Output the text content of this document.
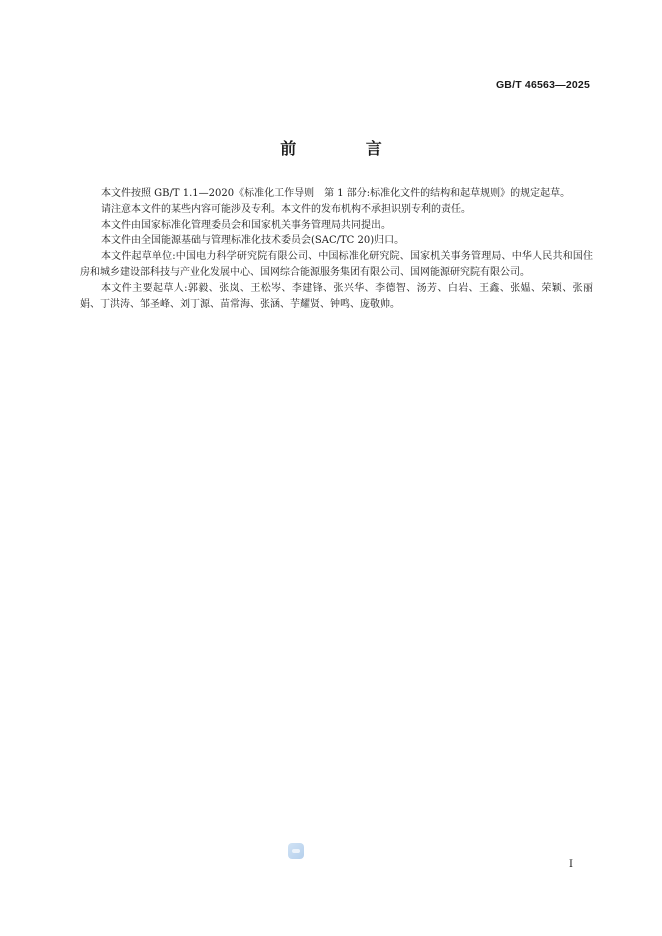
GB/T 46563—2025
前 言

本文件按照 GB/T 1.1—2020《标准化工作导则　第 1 部分:标准化文件的结构和起草规则》的规定起草。

请注意本文件的某些内容可能涉及专利。本文件的发布机构不承担识别专利的责任。

本文件由国家标准化管理委员会和国家机关事务管理局共同提出。

本文件由全国能源基础与管理标准化技术委员会(SAC/TC 20)归口。

本文件起草单位:中国电力科学研究院有限公司、中国标准化研究院、国家机关事务管理局、中华人民共和国住房和城乡建设部科技与产业化发展中心、国网综合能源服务集团有限公司、国网能源研究院有限公司。

本文件主要起草人:郭毅、张岚、王松岑、李建锋、张兴华、李德智、汤芳、白岩、王鑫、张媪、荣颖、张丽娟、丁洪涛、邹圣峰、刘丁源、苗常海、张涵、芋耀贤、钟鸣、庞敬帅。

I
